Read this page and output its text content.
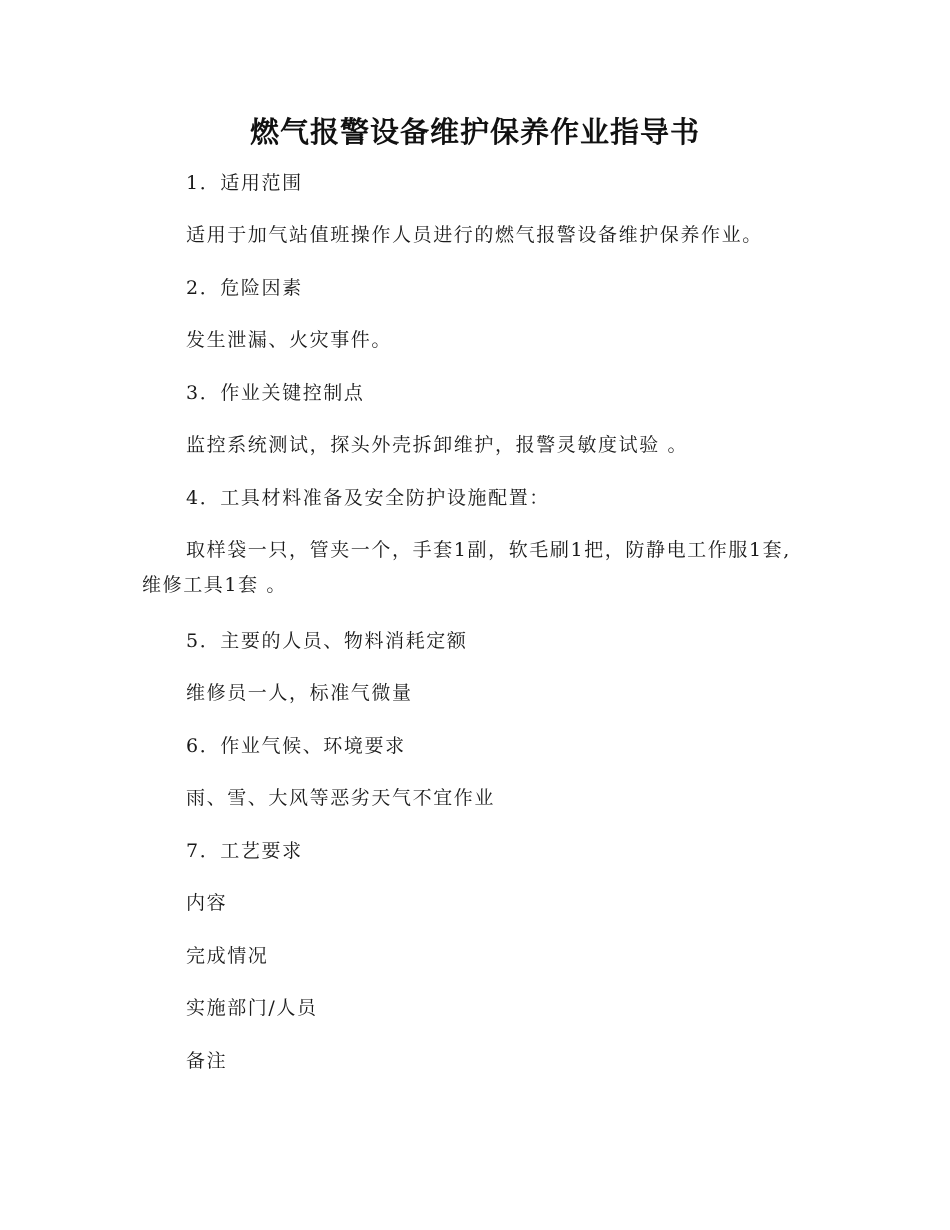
燃气报警设备维护保养作业指导书
1．适用范围
适用于加气站值班操作人员进行的燃气报警设备维护保养作业。
2．危险因素
发生泄漏、火灾事件。
3．作业关键控制点
监控系统测试，探头外壳拆卸维护，报警灵敏度试验 。
4．工具材料准备及安全防护设施配置：
取样袋一只，管夹一个，手套1副，软毛刷1把，防静电工作服1套,维修工具1套 。
5．主要的人员、物料消耗定额
维修员一人，标准气微量
6．作业气候、环境要求
雨、雪、大风等恶劣天气不宜作业
7．工艺要求
内容
完成情况
实施部门/人员
备注
